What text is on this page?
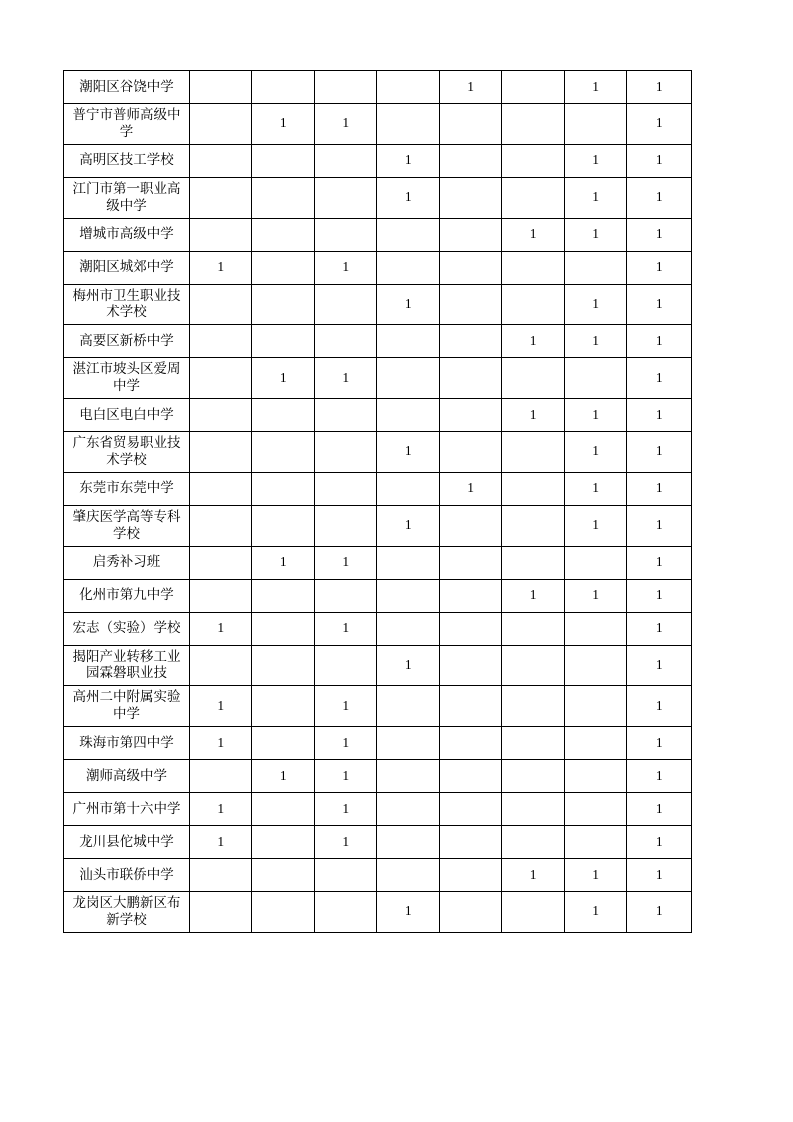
潮阳区谷饶中学					1		1	1

普宁市普师高级中学		1	1					1

高明区技工学校				1			1	1

江门市第一职业高级中学				1			1	1

增城市高级中学						1	1	1

潮阳区城郊中学	1		1					1

梅州市卫生职业技术学校				1			1	1

高要区新桥中学						1	1	1

湛江市坡头区爱周中学		1	1					1

电白区电白中学						1	1	1

广东省贸易职业技术学校				1			1	1

东莞市东莞中学					1		1	1

肇庆医学高等专科学校				1			1	1

启秀补习班		1	1					1

化州市第九中学						1	1	1

宏志（实验）学校	1		1					1

揭阳产业转移工业园霖磐职业技				1				1

高州二中附属实验中学	1		1					1

珠海市第四中学	1		1					1

潮师高级中学		1	1					1

广州市第十六中学	1		1					1

龙川县佗城中学	1		1					1

汕头市联侨中学						1	1	1

龙岗区大鹏新区布新学校				1			1	1
